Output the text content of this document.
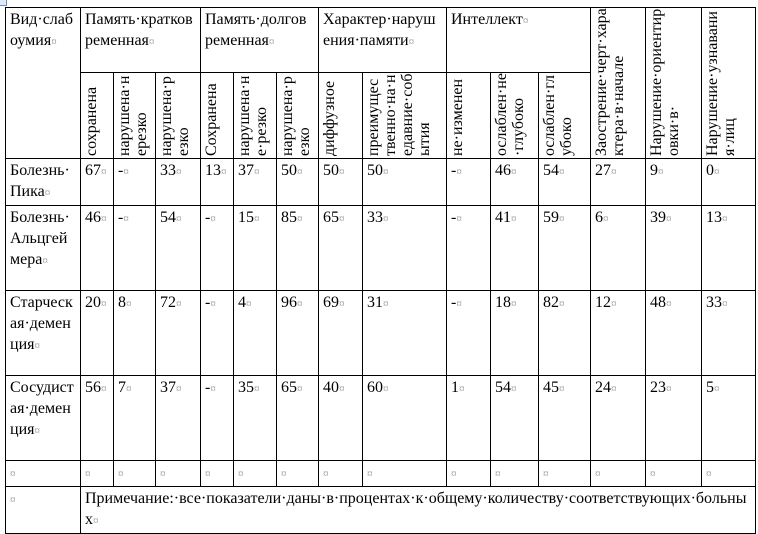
Вид·слабоумия¤	Память·кратковременная¤			Память·долговременная¤			Характер·нарушения·памяти¤		Интеллект¤			Заострение·черт·характера·в·начале	Нарушение·ориентировки·в·	Нарушение·узнавания·лиц

	сохранена	нарушена·нерезко	нарушена·резко	Сохранена	нарушена·не·резко	нарушена·резко	диффузное	преимущественно·на·недавние·события	не·изменен	ослаблен·не·глубоко	ослаблен·глубоко			

Болезнь·Пика¤	67¤	-¤	33¤	13¤	37¤	50¤	50¤	50¤	-¤	46¤	54¤	27¤	9¤	0¤
Болезнь·Альцгеймера¤	46¤	-¤	54¤	-¤	15¤	85¤	65¤	33¤	-¤	41¤	59¤	6¤	39¤	13¤
Старческая·деменция¤	20¤	8¤	72¤	-¤	4¤	96¤	69¤	31¤	-¤	18¤	82¤	12¤	48¤	33¤
Сосудистая·деменция¤	56¤	7¤	37¤	-¤	35¤	65¤	40¤	60¤	1¤	54¤	45¤	24¤	23¤	5¤
¤	¤	¤	¤	¤	¤	¤	¤	¤	¤	¤	¤	¤	¤	¤
¤	Примечание:·все·показатели·даны·в·процентах·к·общему·количеству·соответствующих·больных¤													
